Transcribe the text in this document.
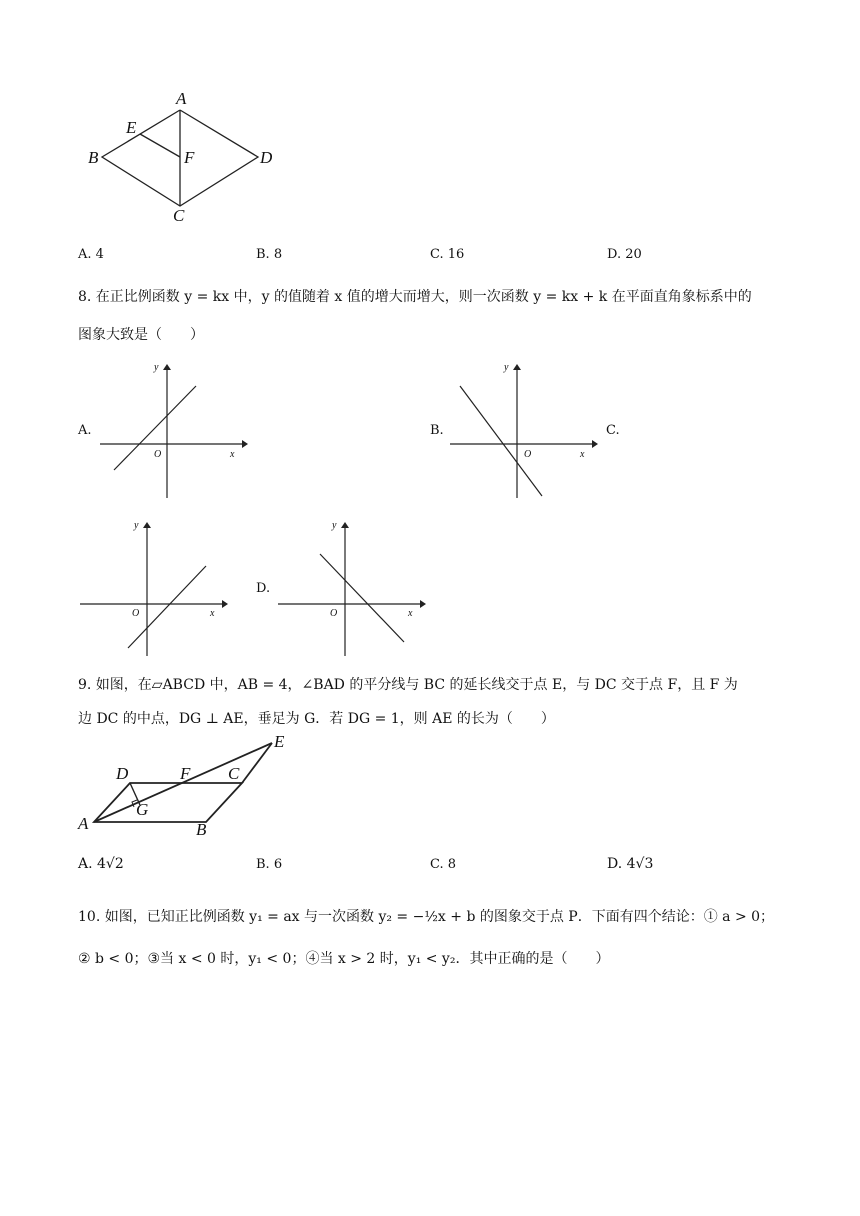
A
E
B	F	D
C
A. 4	B. 8	C. 16	D. 20
8. 在正比例函数 y = kx 中，y 的值随着 x 值的增大而增大，则一次函数 y = kx + k 在平面直角象标系中的
图象大致是（　　）
A.
y
x
O
B.
y
x
O
C.
y
x
O
D.
y
x
O
9. 如图，在▱ABCD 中，AB = 4，∠BAD 的平分线与 BC 的延长线交于点 E，与 DC 交于点 F，且 F 为
边 DC 的中点，DG ⊥ AE，垂足为 G．若 DG = 1，则 AE 的长为（　　）
D	F C
E
G
A	B
A. 4√2	B. 6	C. 8	D. 4√3
10. 如图，已知正比例函数 y₁ = ax 与一次函数 y₂ = −½x + b 的图象交于点 P．下面有四个结论：① a > 0；
② b < 0；③当 x < 0 时，y₁ < 0；④当 x > 2 时，y₁ < y₂．其中正确的是（　　）
